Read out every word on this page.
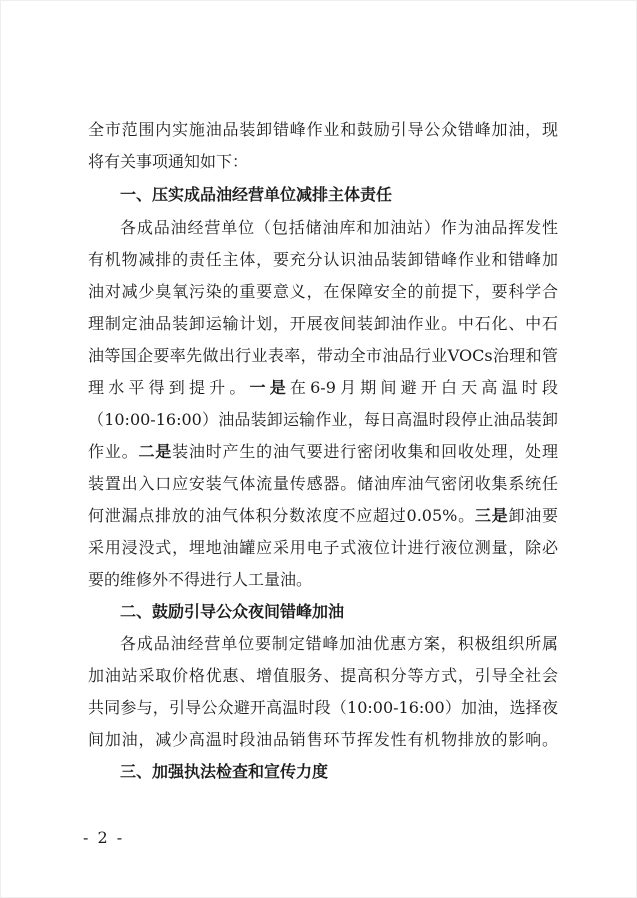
全市范围内实施油品装卸错峰作业和鼓励引导公众错峰加油，现
将有关事项通知如下：
一、压实成品油经营单位减排主体责任
各成品油经营单位（包括储油库和加油站）作为油品挥发性
有机物减排的责任主体，要充分认识油品装卸错峰作业和错峰加
油对减少臭氧污染的重要意义，在保障安全的前提下，要科学合
理制定油品装卸运输计划，开展夜间装卸油作业。中石化、中石
油等国企要率先做出行业表率，带动全市油品行业VOCs治理和管
理水平得到提升。一是在6-9月期间避开白天高温时段
（10:00-16:00）油品装卸运输作业，每日高温时段停止油品装卸
作业。二是装油时产生的油气要进行密闭收集和回收处理，处理
装置出入口应安装气体流量传感器。储油库油气密闭收集系统任
何泄漏点排放的油气体积分数浓度不应超过0.05%。三是卸油要
采用浸没式，埋地油罐应采用电子式液位计进行液位测量，除必
要的维修外不得进行人工量油。
二、鼓励引导公众夜间错峰加油
各成品油经营单位要制定错峰加油优惠方案，积极组织所属
加油站采取价格优惠、增值服务、提高积分等方式，引导全社会
共同参与，引导公众避开高温时段（10:00-16:00）加油，选择夜
间加油，减少高温时段油品销售环节挥发性有机物排放的影响。
三、加强执法检查和宣传力度
- 2 -
